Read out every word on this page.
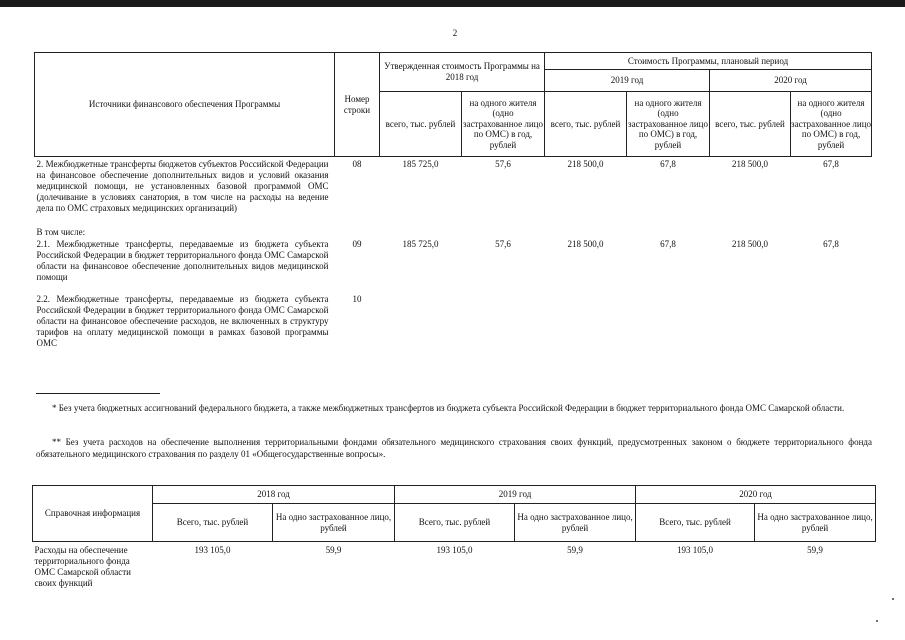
2
Источники финансового обеспечения Программы	Номер строки	Утвержденная стоимость Программы на 2018 год		Стоимость Программы, плановый период			
				2019 год		2020 год	
		всего, тыс. рублей	на одного жителя (одно застрахованное лицо по ОМС) в год, рублей	всего, тыс. рублей	на одного жителя (одно застрахованное лицо по ОМС) в год, рублей	всего, тыс. рублей	на одного жителя (одно застрахованное лицо по ОМС) в год, рублей
2. Межбюджетные трансферты бюджетов субъектов Российской Федерации на финансовое обеспечение дополнительных видов и условий оказания медицинской помощи, не установленных базовой программой ОМС (долечивание в условиях санатория, в том числе на расходы на ведение дела по ОМС страховых медицинских организаций)	08	185 725,0	57,6	218 500,0	67,8	218 500,0	67,8
В том числе:							
2.1. Межбюджетные трансферты, передаваемые из бюджета субъекта Российской Федерации в бюджет территориального фонда ОМС Самарской области на финансовое обеспечение дополнительных видов медицинской помощи	09	185 725,0	57,6	218 500,0	67,8	218 500,0	67,8
2.2. Межбюджетные трансферты, передаваемые из бюджета субъекта Российской Федерации в бюджет территориального фонда ОМС Самарской области на финансовое обеспечение расходов, не включенных в структуру тарифов на оплату медицинской помощи в рамках базовой программы ОМС	10						
* Без учета бюджетных ассигнований федерального бюджета, а также межбюджетных трансфертов из бюджета субъекта Российской Федерации в бюджет территориального фонда ОМС Самарской области.
** Без учета расходов на обеспечение выполнения территориальными фондами обязательного медицинского страхования своих функций, предусмотренных законом о бюджете территориального фонда обязательного медицинского страхования по разделу 01 «Общегосударственные вопросы».
Справочная информация	2018 год		2019 год		2020 год	
	Всего, тыс. рублей	На одно застрахованное лицо, рублей	Всего, тыс. рублей	На одно застрахованное лицо, рублей	Всего, тыс. рублей	На одно застрахованное лицо, рублей
Расходы на обеспечение территориального фонда ОМС Самарской области своих функций	193 105,0	59,9	193 105,0	59,9	193 105,0	59,9
